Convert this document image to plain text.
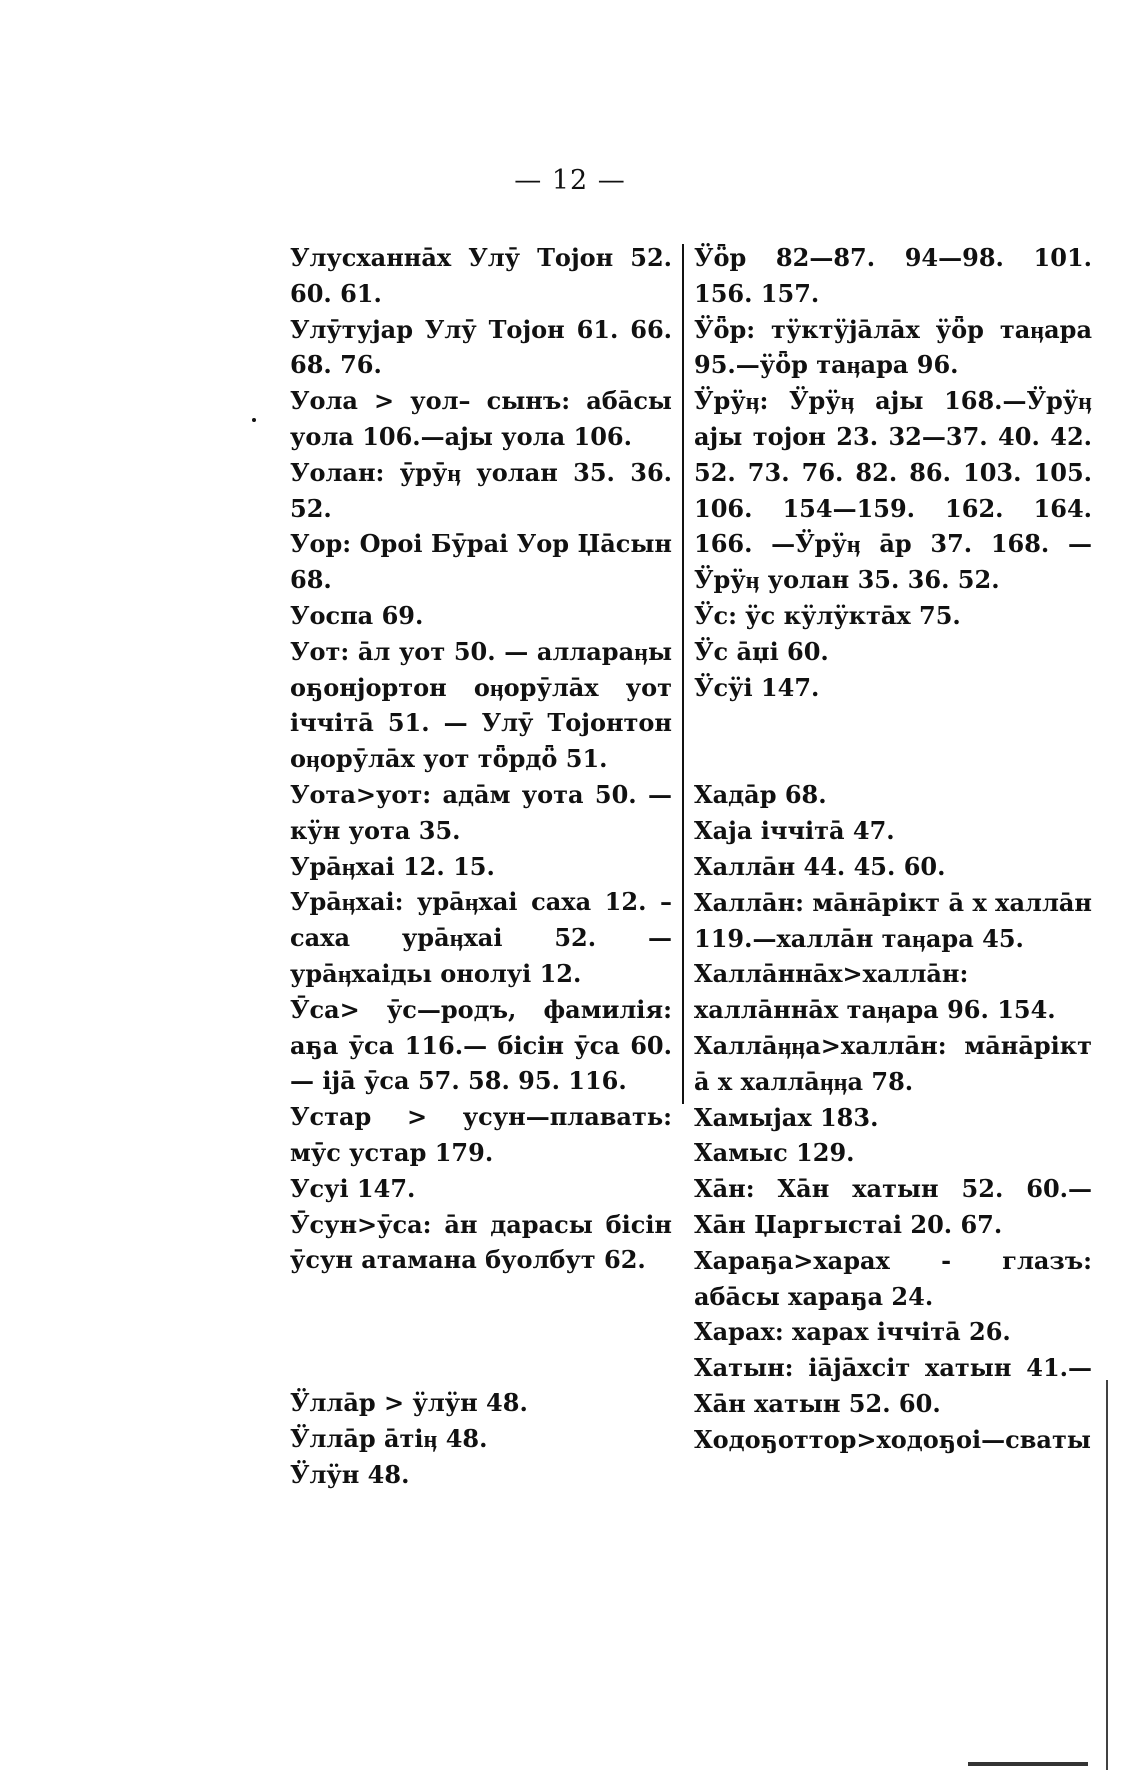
— 12 —

Улусханнāх Улӯ Тојон 52. 60. 61.

Улӯтујар Улӯ Тојон 61. 66. 68. 76.

Уола > уол– сынъ: абāсы уола 106.—ајы уола 106.

Уолан: ӯрӯӊ уолан 35. 36. 52.

Уор: Ороі Бӯраі Уор Џāсын 68.

Уоспа 69.

Уот: āл уот 50. — аллараӊы оҕонјортон оӊорӯлāх уот іччітā 51. — Улӯ Тојонтон оӊорӯлāх уот тȫрдȫ 51.

Уота>уот: адāм уота 50. — кӱн уота 35.

Урāӊхаі 12. 15.

Урāӊхаі: урāӊхаі саха 12. – саха урāӊхаі 52. — урāӊхаідьı онолуі 12.

Ӯса> ӯс—родъ, фамилія: аҕа ӯса 116.— бісін ӯса 60. — іјā ӯса 57. 58. 95. 116.

Устар > усун—плавать: мӯс устар 179.

Усуі 147.

Ӯсун>ӯса: āн дарасы бісін ӯсун атамана буолбут 62.

Ӱллāр > ӱлӱн 48.

Ӱллāр āтіӊ 48.

Ӱлӱн 48.

Ӱȫр 82—87. 94—98. 101. 156. 157.

Ӱȫр: тӱктӱјāлāх ӱȫр таӊара 95.—ӱȫр таӊара 96.

Ӱрӱӊ: Ӱрӱӊ ајы 168.—Ӱрӱӊ ајы тојон 23. 32—37. 40. 42. 52. 73. 76. 82. 86. 103. 105. 106. 154—159. 162. 164. 166. —Ӱрӱӊ āр 37. 168. —Ӱрӱӊ уолан 35. 36. 52.

Ӱс: ӱс кӱлӱктāх 75.

Ӱс āџі 60.

Ӱсӱі 147.

Хадāр 68.

Хаја іччітā 47.

Халлāн 44. 45. 60.

Халлāн: мāнāрікт ā х халлāн 119.—халлāн таӊара 45.

Халлāннāх>халлāн: халлāннāх таӊара 96. 154.

Халлāӊӊа>халлāн: мāнāрікт ā х халлāӊӊа 78.

Хамыјах 183.

Хамыс 129.

Хāн: Хāн хатын 52. 60.— Хāн Џаргыстаі 20. 67.

Хараҕа>харах - глазъ: абāсы хараҕа 24.

Харах: харах іччітā 26.

Хатын: іāјāхсіт хатын 41.— Хāн хатын 52. 60.

Ходоҕоттор>ходоҕоі—сваты
